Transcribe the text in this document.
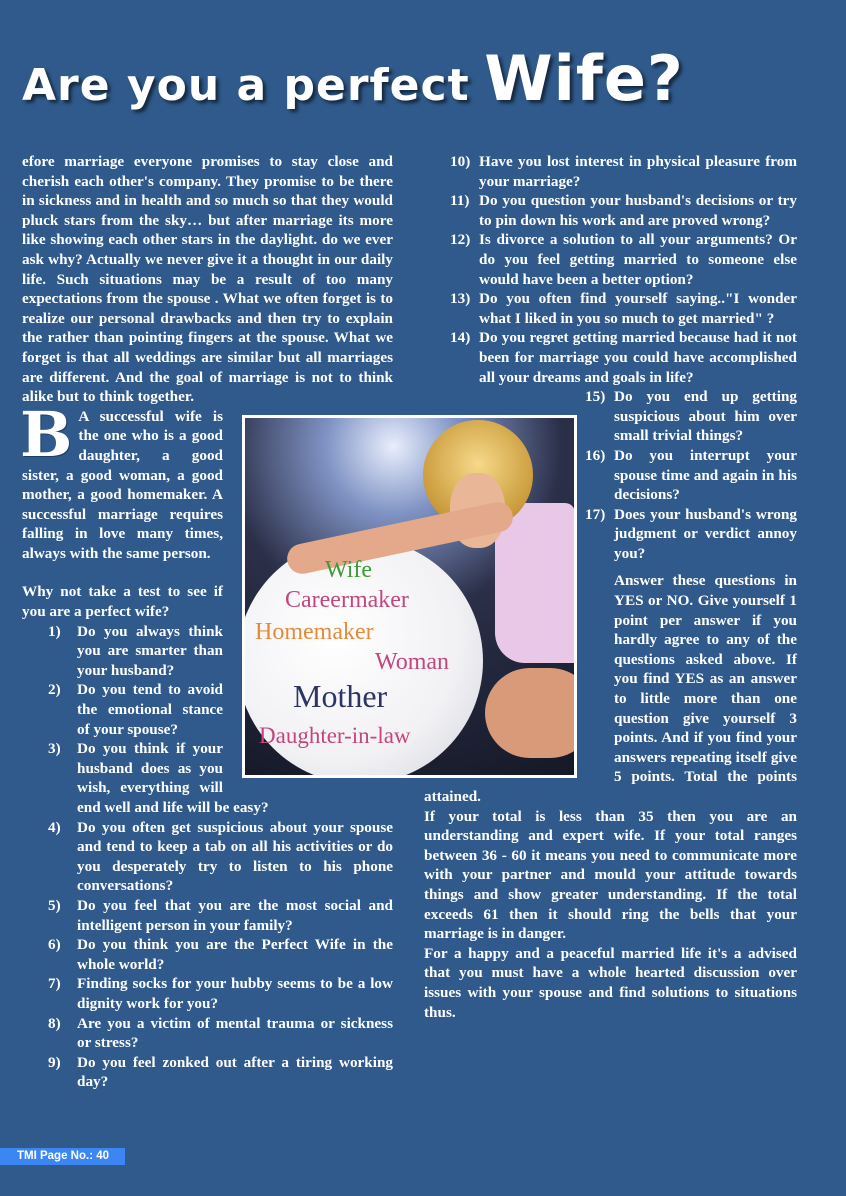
Are you a perfect Wife?
B

efore marriage everyone promises to stay close and cherish each other's company. They promise to be there in sickness and in health and so much so that they would pluck stars from the sky… but after marriage its more like showing each other stars in the daylight. do we ever ask why? Actually we never give it a thought in our daily life. Such situations may be a result of too many expectations from the spouse . What we often forget is to realize our personal drawbacks and then try to explain the rather than pointing fingers at the spouse. What we forget is that all weddings are similar but all marriages are different. And the goal of marriage is not to think alike but to think together.

A successful wife is the one who is a good daughter, a good sister, a good woman, a good mother, a good homemaker. A successful marriage requires falling in love many times, always with the same person.

Why not take a test to see if you are a perfect wife?

1) Do you always think you are smarter than your husband?

2) Do you tend to avoid the emotional stance of your spouse?

3) Do you think if your husband does as you wish, everything will end well and life will be easy?

4) Do you often get suspicious about your spouse and tend to keep a tab on all his activities or do you desperately try to listen to his phone conversations?

5) Do you feel that you are the most social and intelligent person in your family?

6) Do you think you are the Perfect Wife in the whole world?

7) Finding socks for your hubby seems to be a low dignity work for you?

8) Are you a victim of mental trauma or sickness or stress?

9) Do you feel zonked out after a tiring working day?

10) Have you lost interest in physical pleasure from your marriage?

11) Do you question your husband's decisions or try to pin down his work and are proved wrong?

12) Is divorce a solution to all your arguments? Or do you feel getting married to someone else would have been a better option?

13) Do you often find yourself saying.."I wonder what I liked in you so much to get married" ?

14) Do you regret getting married because had it not been for marriage you could have accomplished all your dreams and goals in life?

15) Do you end up getting suspicious about him over small trivial things?

16) Do you interrupt your spouse time and again in his decisions?

17) Does your husband's wrong judgment or verdict annoy you?

Answer these questions in YES or NO. Give yourself 1 point per answer if you hardly agree to any of the questions asked above. If you find YES as an answer to little more than one question give yourself 3 points. And if you find your answers repeating itself give 5 points. Total the points attained.

If your total is less than 35 then you are an understanding and expert wife. If your total ranges between 36 - 60 it means you need to communicate more with your partner and mould your attitude towards things and show greater understanding. If the total exceeds 61 then it should ring the bells that your marriage is in danger.

For a happy and a peaceful married life it's a advised that you must have a whole hearted discussion over issues with your spouse and find solutions to situations thus.

Wife
Careermaker
Homemaker
Woman
Mother
Daughter-in-law
TMI Page No.: 40
